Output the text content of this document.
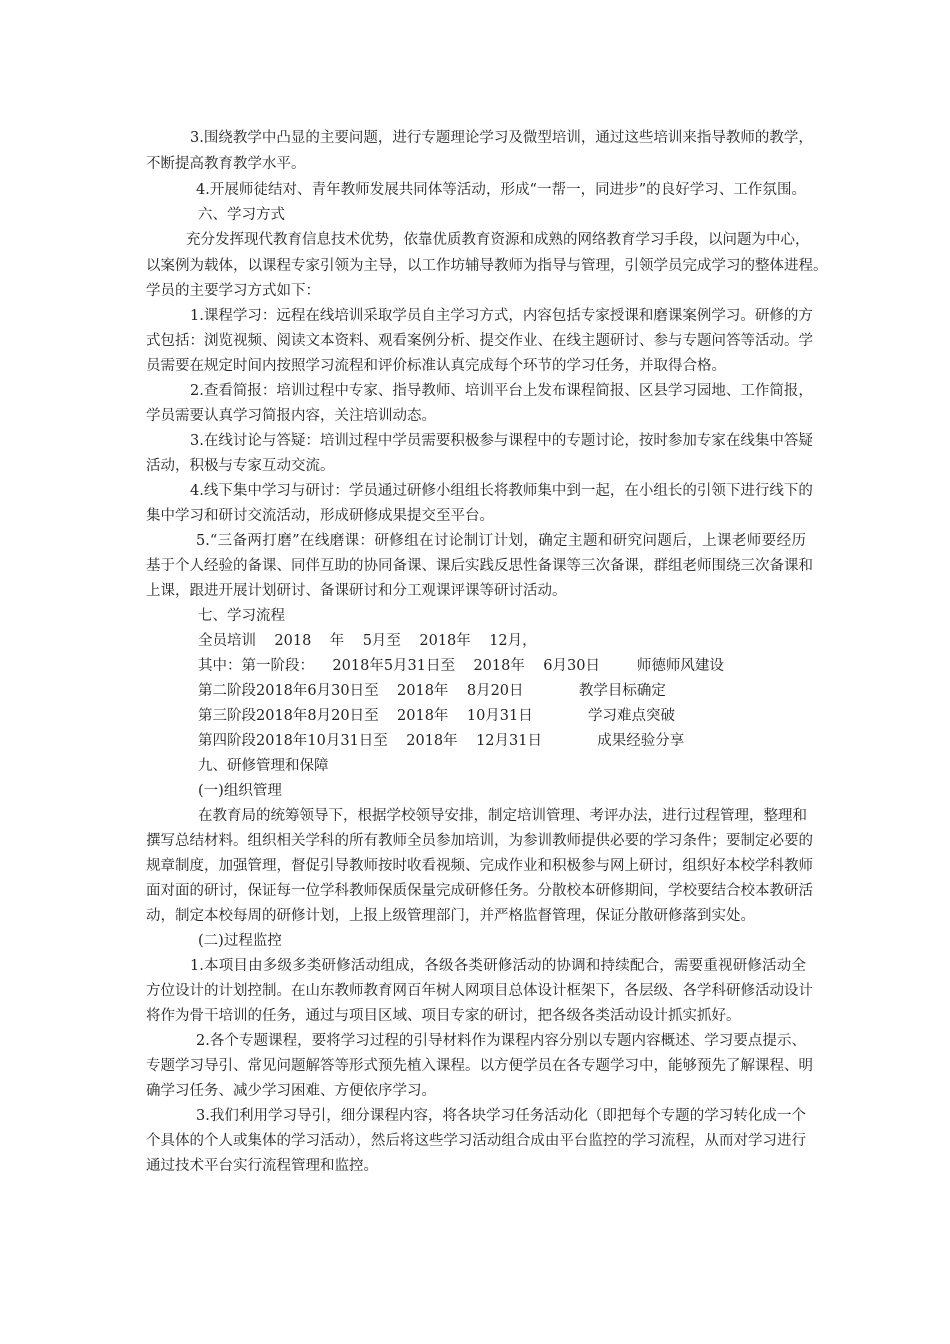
3.围绕教学中凸显的主要问题，进行专题理论学习及微型培训，通过这些培训来指导教师的教学，
不断提高教育教学水平。
4.开展师徒结对、青年教师发展共同体等活动，形成“一帮一，同进步”的良好学习、工作氛围。
六、学习方式
充分发挥现代教育信息技术优势，依靠优质教育资源和成熟的网络教育学习手段，以问题为中心，
以案例为载体，以课程专家引领为主导，以工作坊辅导教师为指导与管理，引领学员完成学习的整体进程。
学员的主要学习方式如下：
1.课程学习：远程在线培训采取学员自主学习方式，内容包括专家授课和磨课案例学习。研修的方
式包括：浏览视频、阅读文本资料、观看案例分析、提交作业、在线主题研讨、参与专题问答等活动。学
员需要在规定时间内按照学习流程和评价标准认真完成每个环节的学习任务，并取得合格。
2.查看简报：培训过程中专家、指导教师、培训平台上发布课程简报、区县学习园地、工作简报，
学员需要认真学习简报内容，关注培训动态。
3.在线讨论与答疑：培训过程中学员需要积极参与课程中的专题讨论，按时参加专家在线集中答疑
活动，积极与专家互动交流。
4.线下集中学习与研讨：学员通过研修小组组长将教师集中到一起，在小组长的引领下进行线下的
集中学习和研讨交流活动，形成研修成果提交至平台。
5.“三备两打磨”在线磨课：研修组在讨论制订计划，确定主题和研究问题后，上课老师要经历
基于个人经验的备课、同伴互助的协同备课、课后实践反思性备课等三次备课，群组老师围绕三次备课和
上课，跟进开展计划研讨、备课研讨和分工观课评课等研讨活动。
七、学习流程
全员培训    2018    年    5月至    2018年    12月，
其中：第一阶段：    2018年5月31日至    2018年    6月30日        师德师风建设
第二阶段2018年6月30日至    2018年    8月20日            教学目标确定
第三阶段2018年8月20日至    2018年    10月31日            学习难点突破
第四阶段2018年10月31日至    2018年    12月31日            成果经验分享
九、研修管理和保障
(一)组织管理
在教育局的统筹领导下，根据学校领导安排，制定培训管理、考评办法，进行过程管理，整理和
撰写总结材料。组织相关学科的所有教师全员参加培训，为参训教师提供必要的学习条件；要制定必要的
规章制度，加强管理，督促引导教师按时收看视频、完成作业和积极参与网上研讨，组织好本校学科教师
面对面的研讨，保证每一位学科教师保质保量完成研修任务。分散校本研修期间，学校要结合校本教研活
动，制定本校每周的研修计划，上报上级管理部门，并严格监督管理，保证分散研修落到实处。
(二)过程监控
1.本项目由多级多类研修活动组成，各级各类研修活动的协调和持续配合，需要重视研修活动全
方位设计的计划控制。在山东教师教育网百年树人网项目总体设计框架下，各层级、各学科研修活动设计
将作为骨干培训的任务，通过与项目区域、项目专家的研讨，把各级各类活动设计抓实抓好。
2.各个专题课程，要将学习过程的引导材料作为课程内容分别以专题内容概述、学习要点提示、
专题学习导引、常见问题解答等形式预先植入课程。以方便学员在各专题学习中，能够预先了解课程、明
确学习任务、减少学习困难、方便依序学习。
3.我们利用学习导引，细分课程内容，将各块学习任务活动化（即把每个专题的学习转化成一个
个具体的个人或集体的学习活动），然后将这些学习活动组合成由平台监控的学习流程，从而对学习进行
通过技术平台实行流程管理和监控。
